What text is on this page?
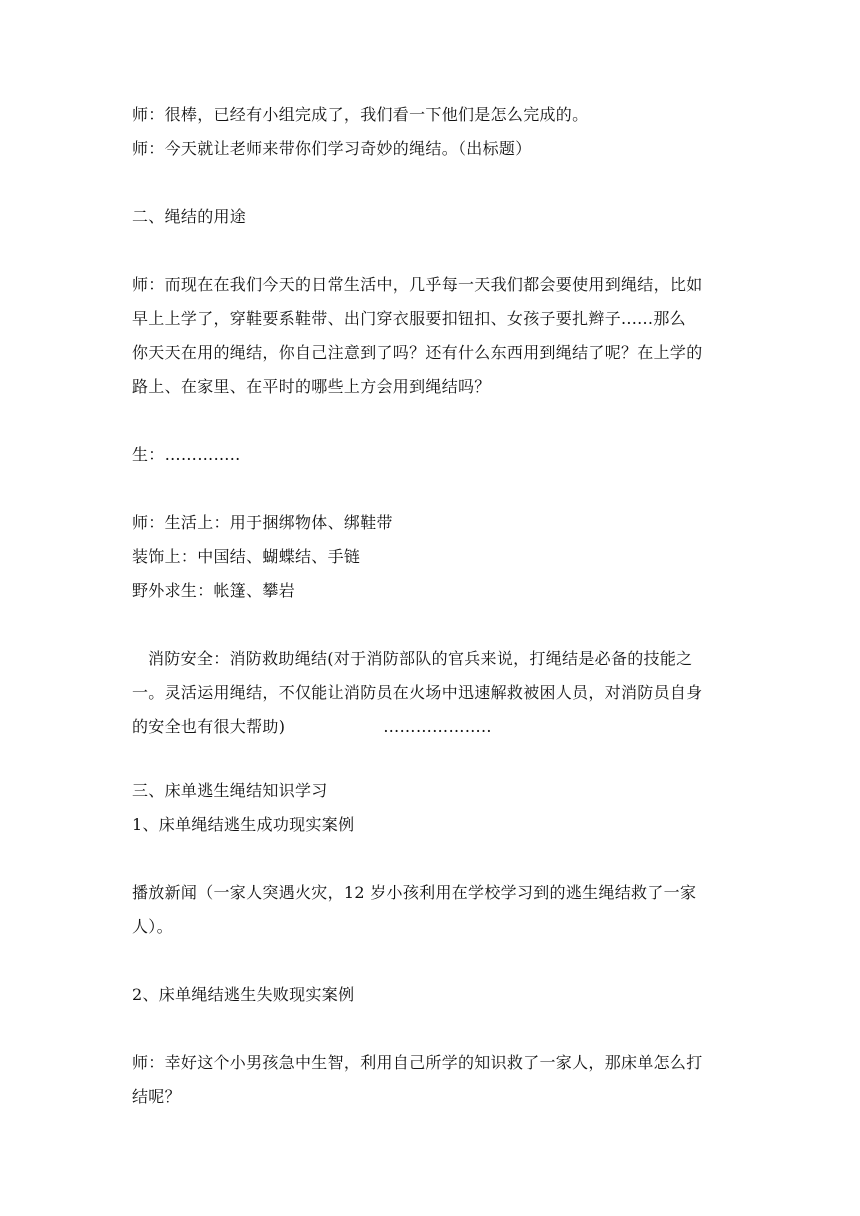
师：很棒，已经有小组完成了，我们看一下他们是怎么完成的。
师：今天就让老师来带你们学习奇妙的绳结。（出标题）
二、绳结的用途
师：而现在在我们今天的日常生活中，几乎每一天我们都会要使用到绳结，比如
早上上学了，穿鞋要系鞋带、出门穿衣服要扣钮扣、女孩子要扎辫子......那么
你天天在用的绳结，你自己注意到了吗？还有什么东西用到绳结了呢？在上学的
路上、在家里、在平时的哪些上方会用到绳结吗？
生：…………..
师：生活上：用于捆绑物体、绑鞋带
装饰上：中国结、蝴蝶结、手链
野外求生：帐篷、攀岩
消防安全：消防救助绳结(对于消防部队的官兵来说，打绳结是必备的技能之
一。灵活运用绳结，不仅能让消防员在火场中迅速解救被困人员，对消防员自身
的安全也有很大帮助)	………………..
三、床单逃生绳结知识学习
1、床单绳结逃生成功现实案例
播放新闻（一家人突遇火灾，12 岁小孩利用在学校学习到的逃生绳结救了一家
人）。
2、床单绳结逃生失败现实案例
师：幸好这个小男孩急中生智，利用自己所学的知识救了一家人，那床单怎么打
结呢？
